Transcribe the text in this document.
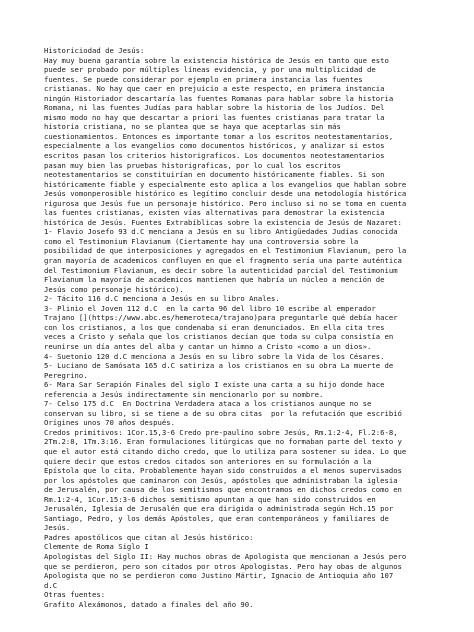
Historiciodad de Jesús:
Hay muy buena garantía sobre la existencia histórica de Jesús en tanto que esto
puede ser probado por múltiples líneas evidencia, y por una multiplicidad de
fuentes. Se puede considerar por ejemplo en primera instancia las fuentes
cristianas. No hay que caer en prejuicio a este respecto, en primera instancia
ningún Historiador descartaría las fuentes Romanas para hablar sobre la historia
Romana, ni las fuentes Judías para hablar sobre la historia de los Judíos. Del
mismo modo no hay que descartar a priori las fuentes cristianas para tratar la
historia cristiana, no se plantea que se haya que aceptarlas sin más
cuestionamientos. Entonces es importante tomar a los escritos neotestamentarios,
especialmente a los evangelios como documentos históricos, y analizar si estos
escritos pasan los criterios historigraficos. Los documentos neotestamentarios
pasan muy bien las pruebas historigraficas, por lo cual los escritos
neotestamentarios se constituirían en documento históricamente fiables. Si son
históricamente fiable y especialmente esto aplica a los evangelios que hablan sobre
Jesús vomonperosible histórico es legítimo concluir desde una metodología histórica
rigurosa que Jesús fue un personaje histórico. Pero incluso si no se toma en cuenta
las fuentes cristianas, existen vías alternativas para demostrar la existencia
histórica de Jesús. Fuentes Extrabíblicas sobre la existencia de Jesús de Nazaret:
1- Flavio Josefo 93 d.C menciana a Jesús en su libro Antigüedades Judías conocida
como el Testimonium Flavianum (Ciertamente hay una controversia sobre la
posibilidad de que interposiciones y agregados en el Testimonium Flavianum, pero la
gran mayoría de academicos confluyen en que el fragmento sería una parte auténtica
del Testimonium Flavianum, es decir sobre la autenticidad parcial del Testimonium
Flavianum la mayoría de academicos mantienen que habría un núcleo a mención de
Jesús como personaje histórico).
2- Tácito 116 d.C menciona a Jesús en su libro Anales.
3- Plinio el Joven 112 d.C  en la carta 96 del libro 10 escribe al emperador
Trajano [](https://www.abc.es/hemeroteca/trajano)para preguntarle qué debía hacer
con los cristianos, a los que condenaba si eran denunciados. En ella cita tres
veces a Cristo y señala que los cristianos decían que toda su culpa consistía en
reunirse un día antes del alba y cantar un himno a Cristo «como a un dios».
4- Suetonio 120 d.C menciona a Jesús en su libro sobre la Vida de los Césares.
5- Luciano de Samósata 165 d.C satiriza a los cristianos en su obra La muerte de
Peregrino.
6- Mara Sar Serapión Finales del siglo I existe una carta a su hijo donde hace
referencia a Jesús indirectamente sin mencionarlo por su nombre.
7- Celso 175 d.C  En Doctrina Verdadera ataca a los cristianos aunque no se
conservan su libro, si se tiene a de su obra citas  por la refutación que escribió
Orígines unos 70 años después.
Credos primitivos: 1Cor.15,3-6 Credo pre-paulino sobre Jesús, Rm.1:2-4, Fl.2:6-8,
2Tm.2:8, 1Tm.3:16. Eran formulaciones litúrgicas que no formaban parte del texto y
que el autor está citando dicho credo, que lo utiliza para sostener su idea. Lo que
quiere decir que estos credos citados son anteriores en su formulación a la
Epístola que lo cita. Probablemente hayan sido construidos a el menos supervisados
por los apóstoles que caminaron con Jesús, apóstoles que administraban la iglesia
de Jerusalén, por causa de los semitismos que encontramos en dichos credos como en
Rm.1:2-4, 1Cor.15:3-6 dichos semitismo apuntan a que han sido construidos en
Jerusalén, Iglesia de Jerusalén que era dirigida o administrada según Hch.15 por
Santiago, Pedro, y los demás Apóstoles, que eran contemporáneos y familiares de
Jesús.
Padres apostólicos que citan al Jesús histórico:
Clemente de Roma Siglo I
Apologistas del Siglo II: Hay muchos obras de Apologista que mencionan a Jesús pero
que se perdieron, pero son citados por otros Apologistas. Pero hay obas de algunos
Apologista que no se perdieron como Justino Mártir, Ignacio de Antioquia año 107
d.C
Otras fuentes:
Grafito Alexámonos, datado a finales del año 90.
